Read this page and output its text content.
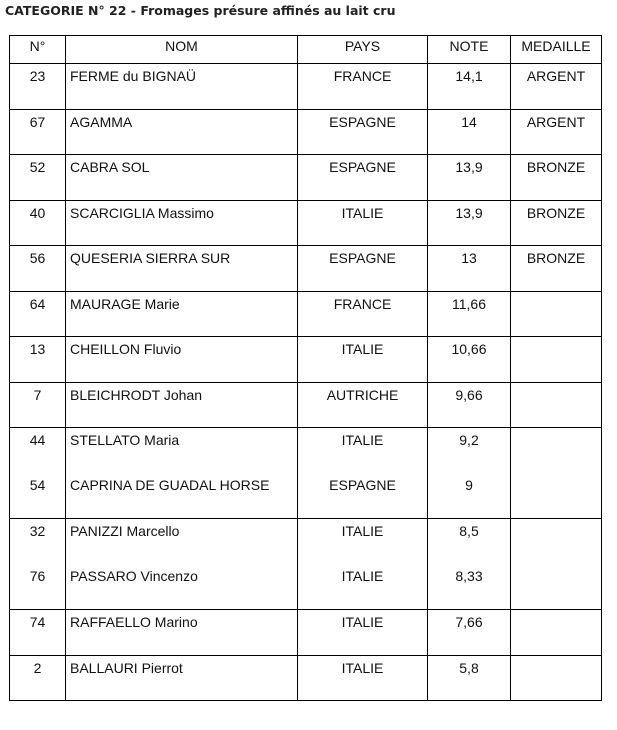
CATEGORIE N° 22 - Fromages présure affinés au lait cru
N°	NOM	PAYS	NOTE	MEDAILLE
23	FERME du BIGNAÜ	FRANCE	14,1	ARGENT
67	AGAMMA	ESPAGNE	14	ARGENT
52	CABRA SOL	ESPAGNE	13,9	BRONZE
40	SCARCIGLIA Massimo	ITALIE	13,9	BRONZE
56	QUESERIA SIERRA SUR	ESPAGNE	13	BRONZE
64	MAURAGE Marie	FRANCE	11,66	
13	CHEILLON Fluvio	ITALIE	10,66	
7	BLEICHRODT Johan	AUTRICHE	9,66	
44	STELLATO Maria	ITALIE	9,2	
54	CAPRINA DE GUADAL HORSE	ESPAGNE	9	
32	PANIZZI Marcello	ITALIE	8,5	
76	PASSARO Vincenzo	ITALIE	8,33	
74	RAFFAELLO Marino	ITALIE	7,66	
2	BALLAURI Pierrot	ITALIE	5,8	
